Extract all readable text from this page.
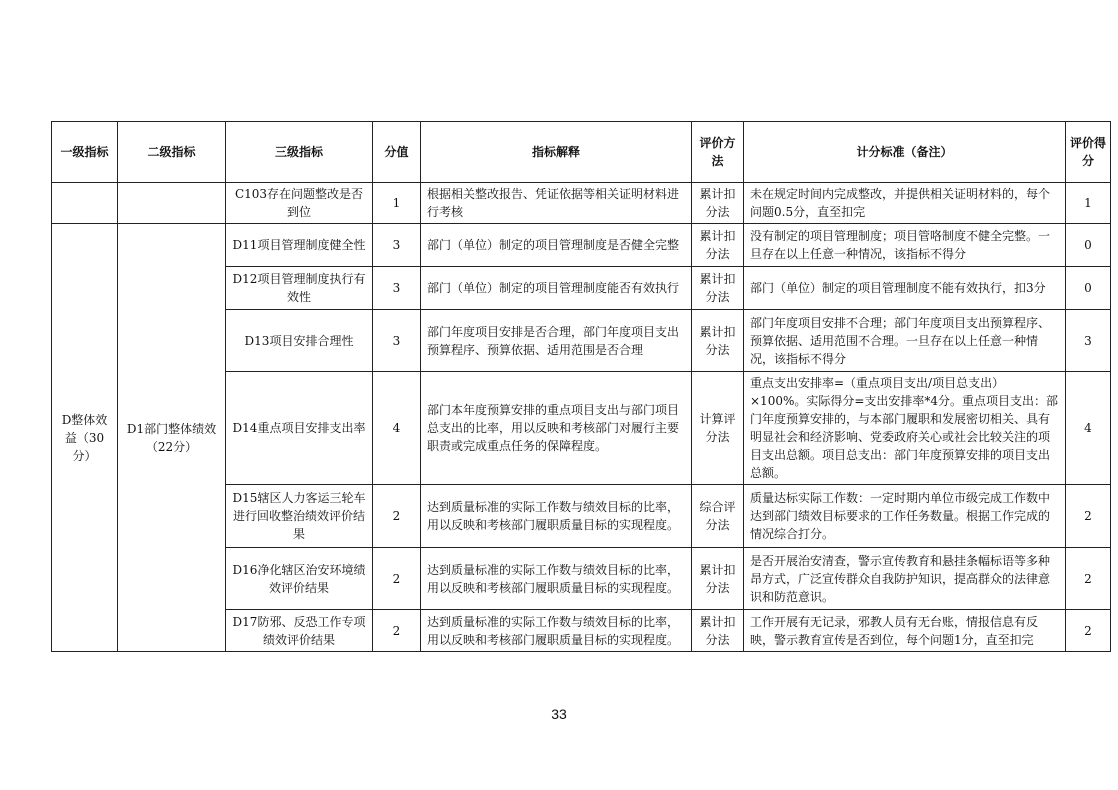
一级指标	二级指标	三级指标	分值	指标解释	评价方法	计分标准（备注）	评价得分
		C103存在问题整改是否到位	1	根据相关整改报告、凭证依据等相关证明材料进行考核	累计扣分法	未在规定时间内完成整改，并提供相关证明材料的，每个问题0.5分，直至扣完	1
D整体效益（30分）	D1部门整体绩效（22分）	D11项目管理制度健全性	3	部门（单位）制定的项目管理制度是否健全完整	累计扣分法	没有制定的项目管理制度；项目管咯制度不健全完整。一旦存在以上任意一种情况，该指标不得分	0
		D12项目管理制度执行有效性	3	部门（单位）制定的项目管理制度能否有效执行	累计扣分法	部门（单位）制定的项目管理制度不能有效执行，扣3分	0
		D13项目安排合理性	3	部门年度项目安排是否合理，部门年度项目支出预算程序、预算依据、适用范围是否合理	累计扣分法	部门年度项目安排不合理；部门年度项目支出预算程序、预算依据、适用范围不合理。一旦存在以上任意一种情况，该指标不得分	3
		D14重点项目安排支出率	4	部门本年度预算安排的重点项目支出与部门项目总支出的比率，用以反映和考核部门对履行主要职责或完成重点任务的保障程度。	计算评分法	重点支出安排率=（重点项目支出/项目总支出）×100%。实际得分=支出安排率*4分。重点项目支出：部门年度预算安排的，与本部门履职和发展密切相关、具有明显社会和经济影响、党委政府关心或社会比较关注的项目支出总额。项目总支出：部门年度预算安排的项目支出总额。	4
		D15辖区人力客运三轮车进行回收整治绩效评价结果	2	达到质量标准的实际工作数与绩效目标的比率，用以反映和考核部门履职质量目标的实现程度。	综合评分法	质量达标实际工作数：一定时期内单位市级完成工作数中达到部门绩效目标要求的工作任务数量。根据工作完成的情况综合打分。	2
		D16净化辖区治安环境绩效评价结果	2	达到质量标准的实际工作数与绩效目标的比率，用以反映和考核部门履职质量目标的实现程度。	累计扣分法	是否开展治安清查，警示宣传教育和悬挂条幅标语等多种昂方式，广泛宣传群众自我防护知识，提高群众的法律意识和防范意识。	2
		D17防邪、反恐工作专项绩效评价结果	2	达到质量标准的实际工作数与绩效目标的比率，用以反映和考核部门履职质量目标的实现程度。	累计扣分法	工作开展有无记录，邪教人员有无台账，情报信息有反映，警示教育宣传是否到位，每个问题1分，直至扣完	2
33
